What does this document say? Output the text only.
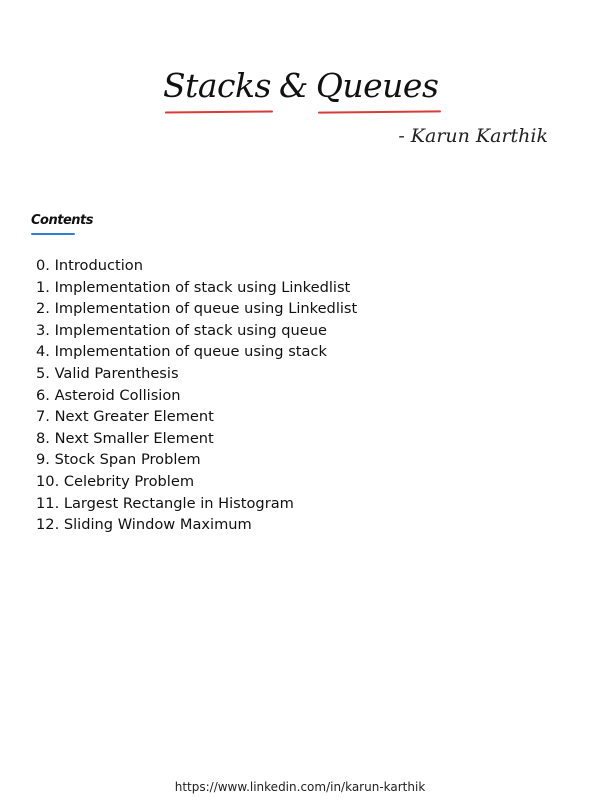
Stacks & Queues
- Karun Karthik
Contents
0. Introduction
1. Implementation of stack using Linkedlist
2. Implementation of queue using Linkedlist
3. Implementation of stack using queue
4. Implementation of queue using stack
5. Valid Parenthesis
6. Asteroid Collision
7. Next Greater Element
8. Next Smaller Element
9. Stock Span Problem
10. Celebrity Problem
11. Largest Rectangle in Histogram
12. Sliding Window Maximum
https://www.linkedin.com/in/karun-karthik
